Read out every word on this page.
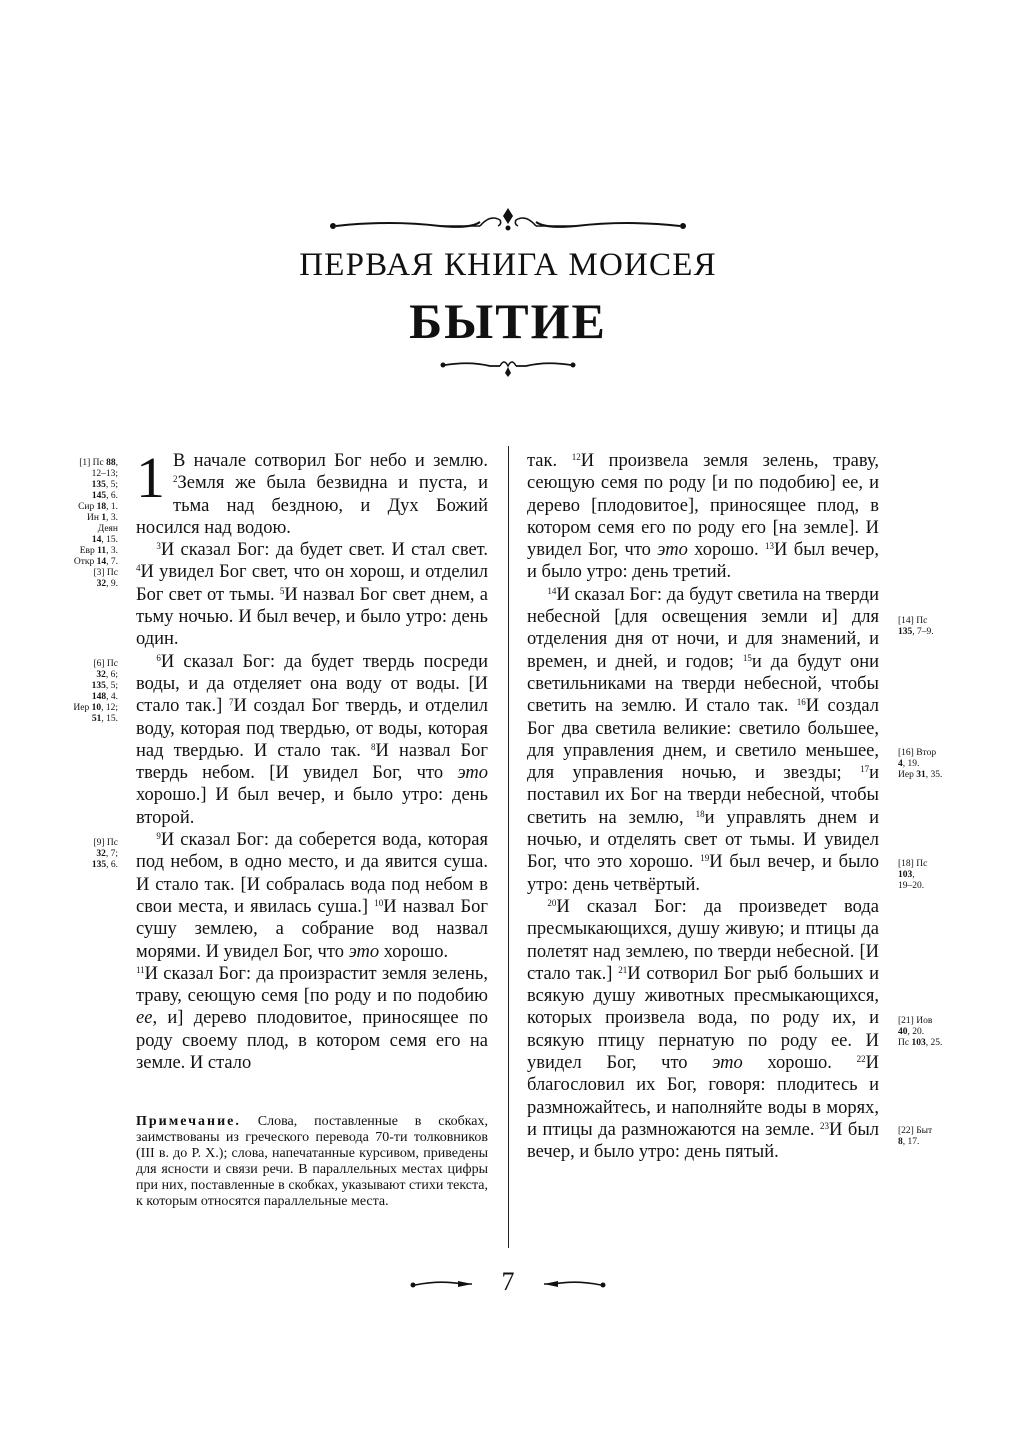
ПЕРВАЯ КНИГА МОИСЕЯ
БЫТИЕ
[1] Пс 88,
12–13;
135, 5;
145, 6.
Сир 18, 1.
Ин 1, 3.
Деян
14, 15.
Евр 11, 3.
Откр 14, 7.
[3] Пс
32, 9.
[6] Пс
32, 6;
135, 5;
148, 4.
Иер 10, 12;
51, 15.
[9] Пс
32, 7;
135, 6.

1 В начале сотворил Бог небо и землю. $^2$Земля же была безвидна и пуста, и тьма над бездною, и Дух Божий носился над водою.

$^3$И сказал Бог: да будет свет. И стал свет. $^4$И увидел Бог свет, что он хорош, и отделил Бог свет от тьмы. $^5$И назвал Бог свет днем, а тьму ночью. И был вечер, и было утро: день один.

$^6$И сказал Бог: да будет твердь посреди воды, и да отделяет она воду от воды. [И стало так.] $^7$И создал Бог твердь, и отделил воду, которая под твердью, от воды, которая над твердью. И стало так. $^8$И назвал Бог твердь небом. [И увидел Бог, что это хорошо.] И был вечер, и было утро: день второй.

$^9$И сказал Бог: да соберется вода, которая под небом, в одно место, и да явится суша. И стало так. [И собралась вода под небом в свои места, и явилась суша.] $^{10}$И назвал Бог сушу землею, а собрание вод назвал морями. И увидел Бог, что это хорошо.

$^{11}$И сказал Бог: да произрастит земля зелень, траву, сеющую семя [по роду и по подобию ее, и] дерево плодовитое, приносящее по роду своему плод, в котором семя его на земле. И стало

Примечание. Слова, поставленные в скобках, заимствованы из греческого перевода 70-ти толковников (III в. до Р. Х.); слова, напечатанные курсивом, приведены для ясности и связи речи. В параллельных местах цифры при них, поставленные в скобках, указывают стихи текста, к которым относятся параллельные места.

так. $^{12}$И произвела земля зелень, траву, сеющую семя по роду [и по подобию] ее, и дерево [плодовитое], приносящее плод, в котором семя его по роду его [на земле]. И увидел Бог, что это хорошо. $^{13}$И был вечер, и было утро: день третий.

$^{14}$И сказал Бог: да будут светила на тверди небесной [для освещения земли и] для отделения дня от ночи, и для знамений, и времен, и дней, и годов; $^{15}$и да будут они светильниками на тверди небесной, чтобы светить на землю. И стало так. $^{16}$И создал Бог два светила великие: светило большее, для управления днем, и светило меньшее, для управления ночью, и звезды; $^{17}$и поставил их Бог на тверди небесной, чтобы светить на землю, $^{18}$и управлять днем и ночью, и отделять свет от тьмы. И увидел Бог, что это хорошо. $^{19}$И был вечер, и было утро: день четвёртый.

$^{20}$И сказал Бог: да произведет вода пресмыкающихся, душу живую; и птицы да полетят над землею, по тверди небесной. [И стало так.] $^{21}$И сотворил Бог рыб больших и всякую душу животных пресмыкающихся, которых произвела вода, по роду их, и всякую птицу пернатую по роду ее. И увидел Бог, что это хорошо.	$^{22}$И благословил их Бог, говоря: плодитесь и размножайтесь, и наполняйте воды в морях, и птицы да размножаются на земле. $^{23}$И был вечер, и было утро: день пятый.

[14] Пс
135, 7–9.
[16] Втор
4, 19.
Иер 31, 35.
[18] Пс
103,
19–20.
[21] Иов
40, 20.
Пс 103, 25.
[22] Быт
8, 17.
7
